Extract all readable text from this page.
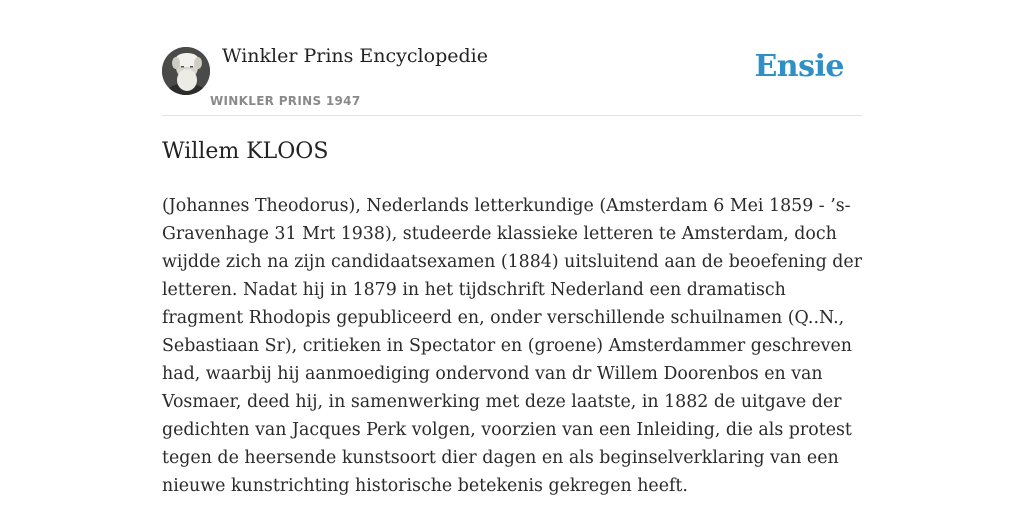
Winkler Prins Encyclopedie
WINKLER PRINS 1947
Ensie
Willem KLOOS

(Johannes Theodorus), Nederlands letterkundige (Amsterdam 6 Mei 1859 - ’s-Gravenhage 31 Mrt 1938), studeerde klassieke letteren te Amsterdam, doch wijdde zich na zijn candidaatsexamen (1884) uitsluitend aan de beoefening der letteren. Nadat hij in 1879 in het tijdschrift Nederland een dramatisch fragment Rhodopis gepubliceerd en, onder verschillende schuilnamen (Q..N., Sebastiaan Sr), critieken in Spectator en (groene) Amsterdammer geschreven had, waarbij hij aanmoediging ondervond van dr Willem Doorenbos en van Vosmaer, deed hij, in samenwerking met deze laatste, in 1882 de uitgave der gedichten van Jacques Perk volgen, voorzien van een Inleiding, die als protest tegen de heersende kunstsoort dier dagen en als beginselverklaring van een nieuwe kunstrichting historische betekenis gekregen heeft.
